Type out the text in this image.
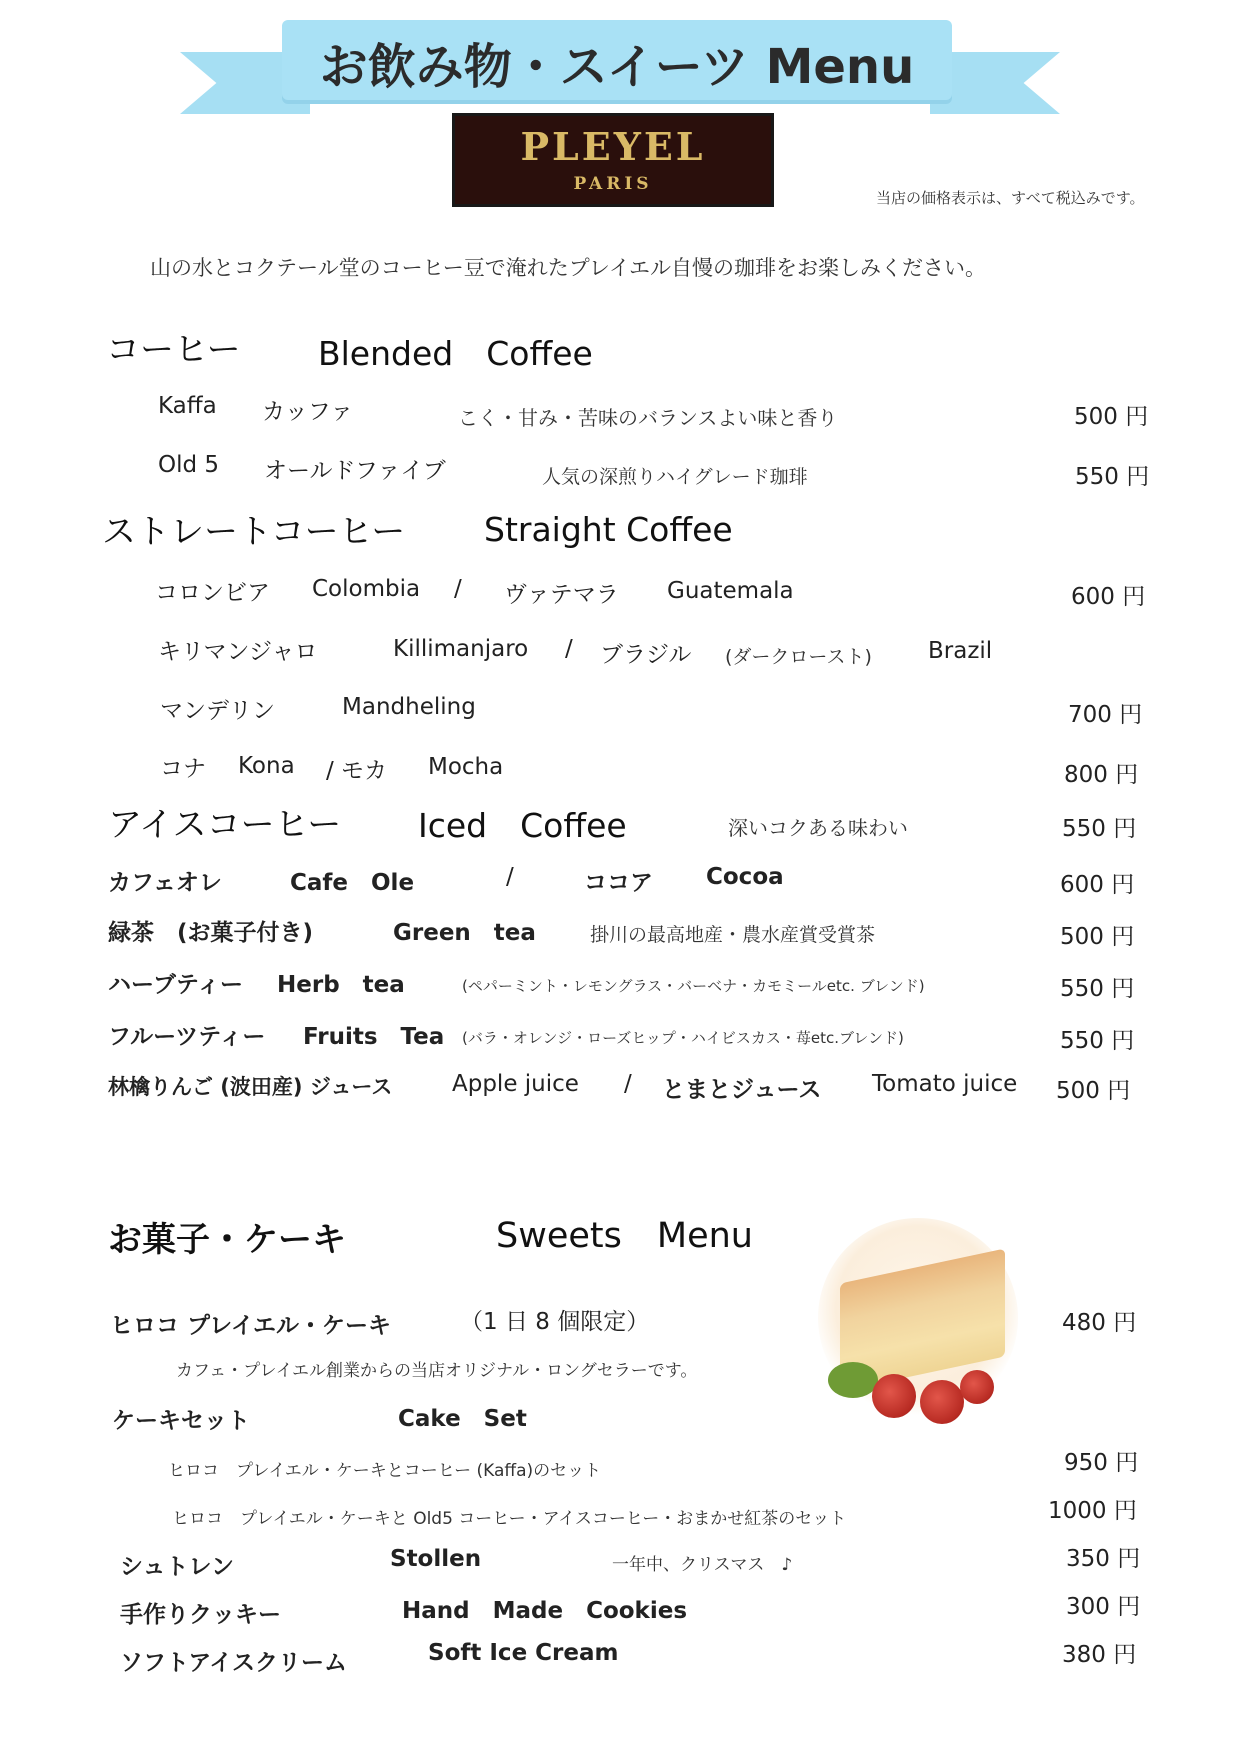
お飲み物・スイーツ Menu
PLEYEL
PARIS
当店の価格表示は、すべて税込みです。
山の水とコクテール堂のコーヒー豆で淹れたプレイエル自慢の珈琲をお楽しみください。
コーヒー Blended　Coffee
Kaffa カッファ	こく・甘み・苦味のバランスよい味と香り	500 円
Old 5 オールドファイブ	人気の深煎りハイグレード珈琲	550 円
ストレートコーヒー Straight Coffee
コロンビア Colombia / ヴァテマラ Guatemala	600 円
キリマンジャロ	Killimanjaro / ブラジル (ダークロースト) Brazil
マンデリン	Mandheling	700 円
コナ Kona / モカ Mocha	800 円
アイスコーヒー Iced　Coffee	深いコクある味わい	550 円
カフェオレ	Cafe　Ole	/	ココア Cocoa	600 円
緑茶　(お菓子付き)	Green　tea	掛川の最高地産・農水産賞受賞茶	500 円
ハーブティー Herb　tea	(ペパーミント・レモングラス・バーベナ・カモミールetc. ブレンド)	550 円
フルーツティー Fruits　Tea (バラ・オレンジ・ローズヒップ・ハイビスカス・苺etc.ブレンド)	550 円
林檎りんご (波田産) ジュース	Apple juice / とまとジュース Tomato juice 500 円
お菓子・ケーキ	Sweets　Menu
ヒロコ プレイエル・ケーキ	（1 日 8 個限定）	480 円
カフェ・プレイエル創業からの当店オリジナル・ロングセラーです。
ケーキセット	Cake　Set
ヒロコ　プレイエル・ケーキとコーヒー (Kaffa)のセット	950 円
ヒロコ　プレイエル・ケーキと Old5 コーヒー・アイスコーヒー・おまかせ紅茶のセット	1000 円
シュトレン	Stollen	一年中、クリスマス　♪	350 円
手作りクッキー	Hand　Made　Cookies	300 円
ソフトアイスクリーム	Soft Ice Cream	380 円
